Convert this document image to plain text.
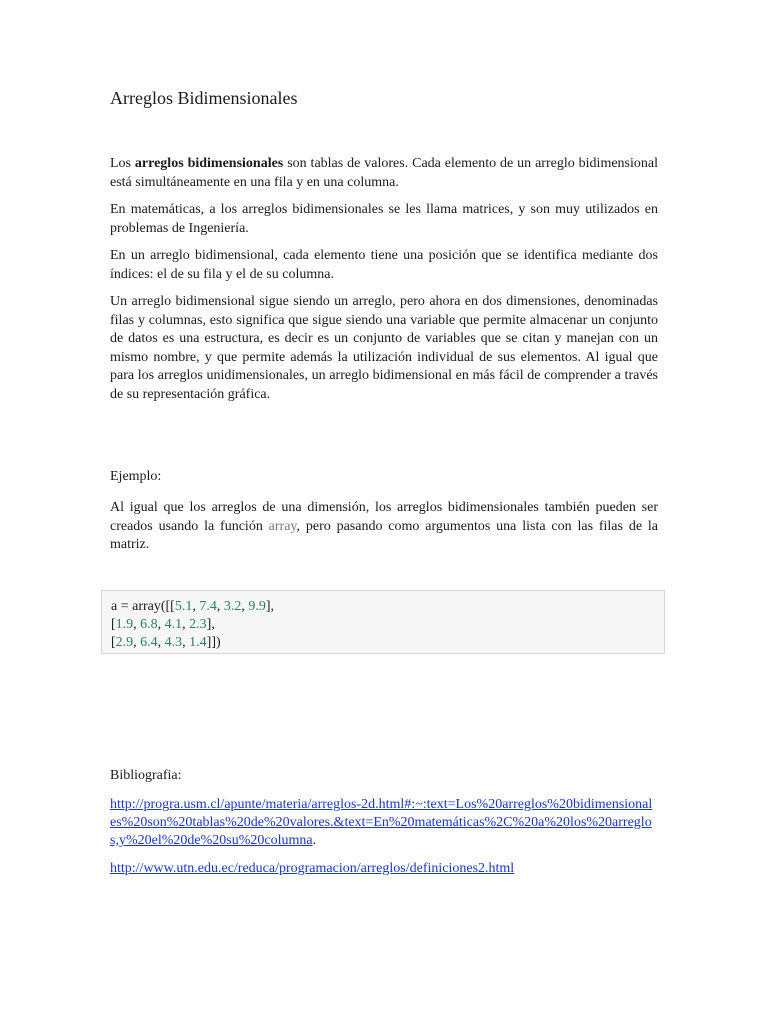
Arreglos Bidimensionales

Los arreglos bidimensionales son tablas de valores. Cada elemento de un arreglo bidimensional está simultáneamente en una fila y en una columna.

En matemáticas, a los arreglos bidimensionales se les llama matrices, y son muy utilizados en problemas de Ingeniería.

En un arreglo bidimensional, cada elemento tiene una posición que se identifica mediante dos índices: el de su fila y el de su columna.

Un arreglo bidimensional sigue siendo un arreglo, pero ahora en dos dimensiones, denominadas filas y columnas, esto significa que sigue siendo una variable que permite almacenar un conjunto de datos es una estructura, es decir es un conjunto de variables que se citan y manejan con un mismo nombre, y que permite además la utilización individual de sus elementos. Al igual que para los arreglos unidimensionales, un arreglo bidimensional en más fácil de comprender a través de su representación gráfica.

Ejemplo:

Al igual que los arreglos de una dimensión, los arreglos bidimensionales también pueden ser creados usando la función array, pero pasando como argumentos una lista con las filas de la matriz.

a = array([[5.1, 7.4, 3.2, 9.9],
[1.9, 6.8, 4.1, 2.3],
[2.9, 6.4, 4.3, 1.4]])

Bibliografia:

http://progra.usm.cl/apunte/materia/arreglos-2d.html#:~:text=Los%20arreglos%20bidimensionales%20son%20tablas%20de%20valores.&text=En%20matemáticas%2C%20a%20los%20arreglos,y%20el%20de%20su%20columna.

http://www.utn.edu.ec/reduca/programacion/arreglos/definiciones2.html
